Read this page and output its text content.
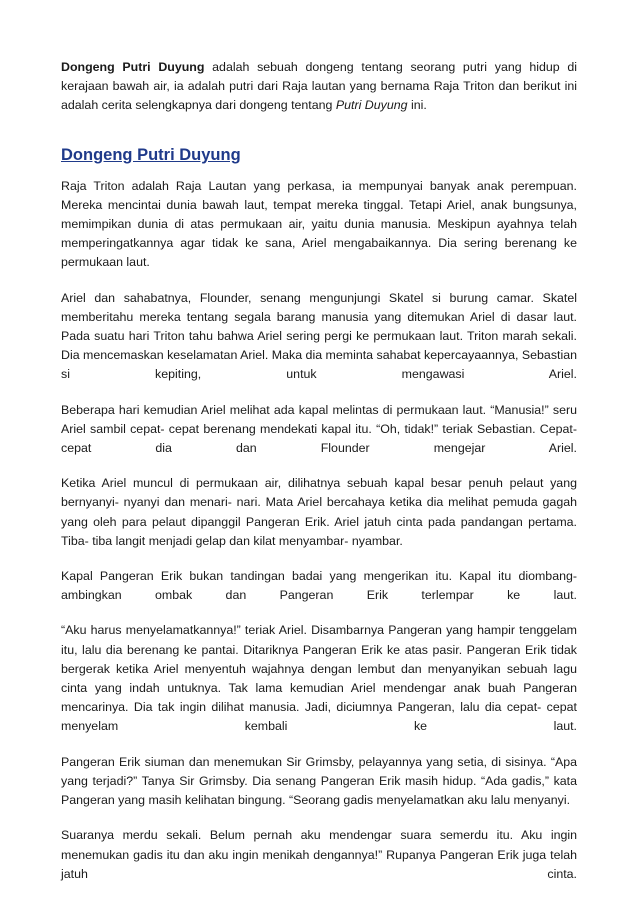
Dongeng Putri Duyung adalah sebuah dongeng tentang seorang putri yang hidup di kerajaan bawah air, ia adalah putri dari Raja lautan yang bernama Raja Triton dan berikut ini adalah cerita selengkapnya dari dongeng tentang Putri Duyung ini.

Dongeng Putri Duyung

Raja Triton adalah Raja Lautan yang perkasa, ia mempunyai banyak anak perempuan. Mereka mencintai dunia bawah laut, tempat mereka tinggal. Tetapi Ariel, anak bungsunya, memimpikan dunia di atas permukaan air, yaitu dunia manusia. Meskipun ayahnya telah memperingatkannya agar tidak ke sana, Ariel mengabaikannya. Dia sering berenang ke permukaan laut.

Ariel dan sahabatnya, Flounder, senang mengunjungi Skatel si burung camar. Skatel memberitahu mereka tentang segala barang manusia yang ditemukan Ariel di dasar laut. Pada suatu hari Triton tahu bahwa Ariel sering pergi ke permukaan laut. Triton marah sekali. Dia mencemaskan keselamatan Ariel. Maka dia meminta sahabat kepercayaannya, Sebastian si kepiting, untuk mengawasi Ariel.

Beberapa hari kemudian Ariel melihat ada kapal melintas di permukaan laut. “Manusia!” seru Ariel sambil cepat- cepat berenang mendekati kapal itu. “Oh, tidak!” teriak Sebastian. Cepat- cepat dia dan Flounder mengejar Ariel.

Ketika Ariel muncul di permukaan air, dilihatnya sebuah kapal besar penuh pelaut yang bernyanyi- nyanyi dan menari- nari. Mata Ariel bercahaya ketika dia melihat pemuda gagah yang oleh para pelaut dipanggil Pangeran Erik. Ariel jatuh cinta pada pandangan pertama. Tiba- tiba langit menjadi gelap dan kilat menyambar- nyambar.

Kapal Pangeran Erik bukan tandingan badai yang mengerikan itu. Kapal itu diombang- ambingkan ombak dan Pangeran Erik terlempar ke laut.

“Aku harus menyelamatkannya!” teriak Ariel. Disambarnya Pangeran yang hampir tenggelam itu, lalu dia berenang ke pantai. Ditariknya Pangeran Erik ke atas pasir. Pangeran Erik tidak bergerak ketika Ariel menyentuh wajahnya dengan lembut dan menyanyikan sebuah lagu cinta yang indah untuknya. Tak lama kemudian Ariel mendengar anak buah Pangeran mencarinya. Dia tak ingin dilihat manusia. Jadi, diciumnya Pangeran, lalu dia cepat- cepat menyelam kembali ke laut.

Pangeran Erik siuman dan menemukan Sir Grimsby, pelayannya yang setia, di sisinya. “Apa yang terjadi?” Tanya Sir Grimsby. Dia senang Pangeran Erik masih hidup. “Ada gadis,” kata Pangeran yang masih kelihatan bingung. “Seorang gadis menyelamatkan aku lalu menyanyi.

Suaranya merdu sekali. Belum pernah aku mendengar suara semerdu itu. Aku ingin menemukan gadis itu dan aku ingin menikah dengannya!” Rupanya Pangeran Erik juga telah jatuh cinta.
